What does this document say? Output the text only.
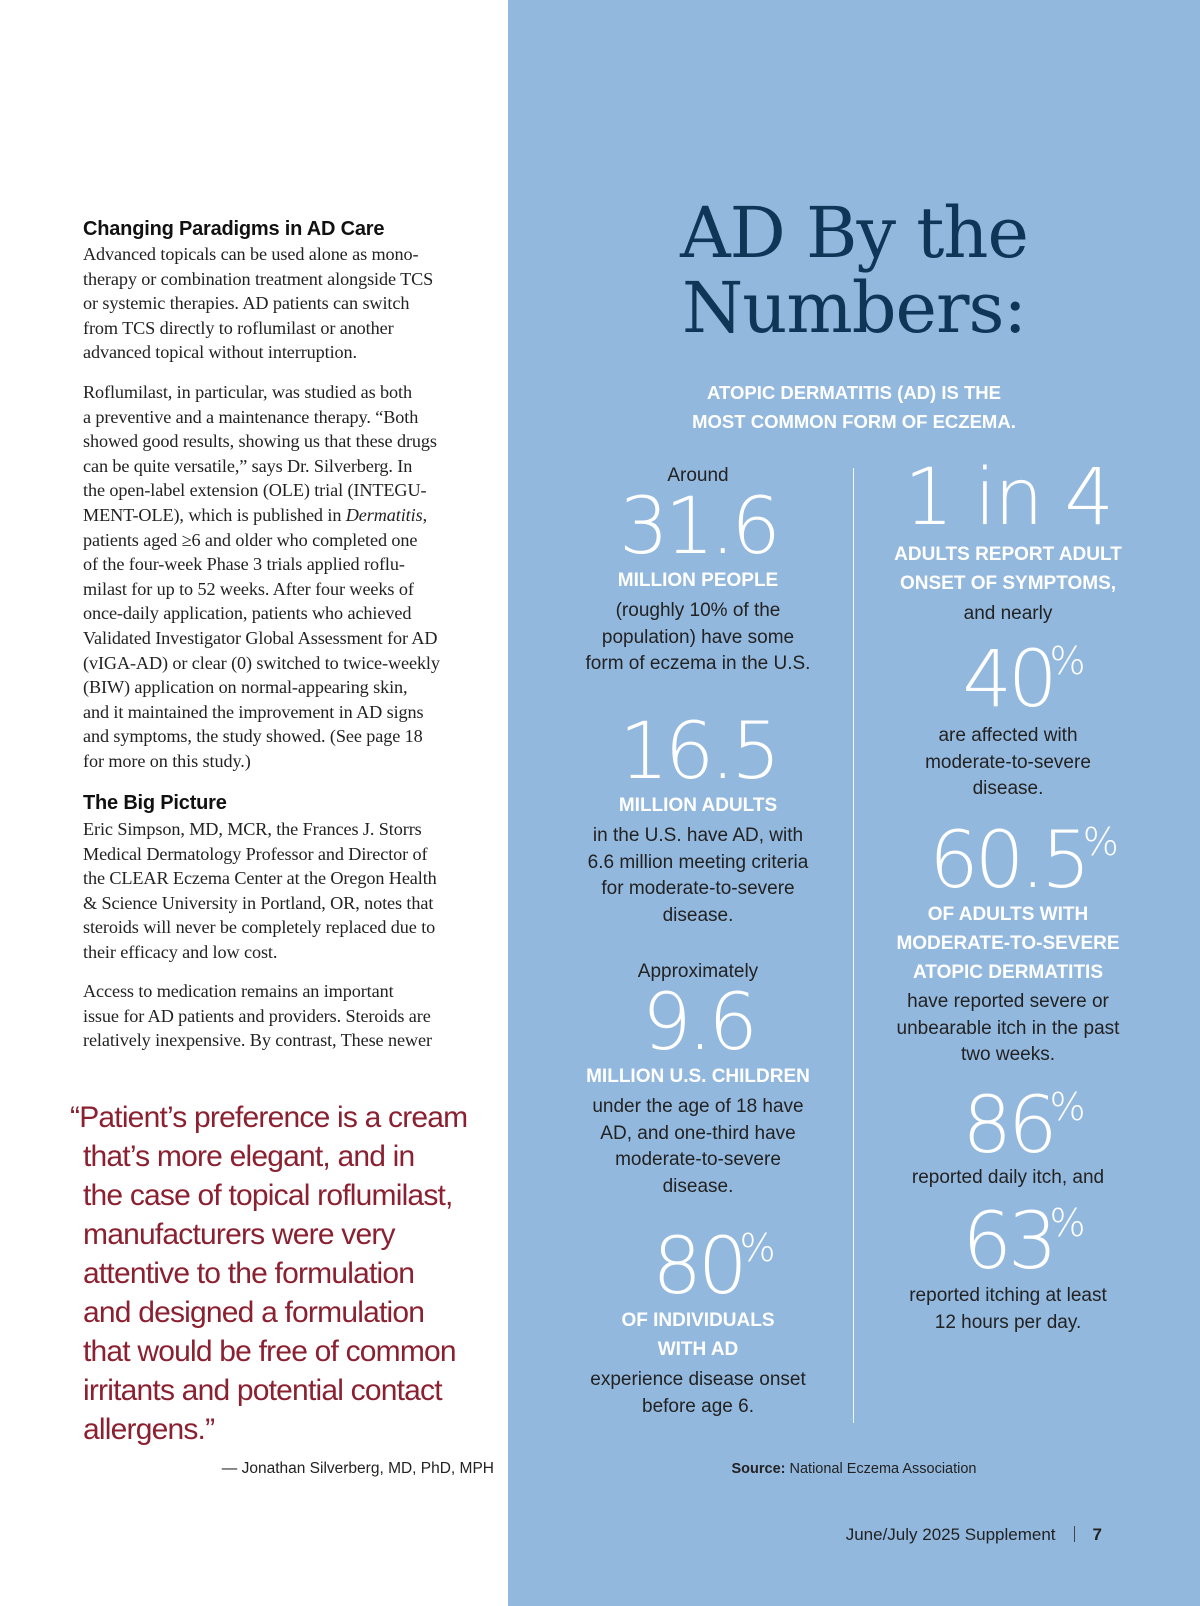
Changing Paradigms in AD Care

Advanced topicals can be used alone as mono-
therapy or combination treatment alongside TCS
or systemic therapies. AD patients can switch
from TCS directly to roflumilast or another
advanced topical without interruption.

Roflumilast, in particular, was studied as both
a preventive and a maintenance therapy. “Both
showed good results, showing us that these drugs
can be quite versatile,” says Dr. Silverberg. In
the open-label extension (OLE) trial (INTEGU-
MENT-OLE), which is published in Dermatitis,
patients aged ≥6 and older who completed one
of the four-week Phase 3 trials applied roflu-
milast for up to 52 weeks. After four weeks of
once-daily application, patients who achieved
Validated Investigator Global Assessment for AD
(vIGA-AD) or clear (0) switched to twice-weekly
(BIW) application on normal-appearing skin,
and it maintained the improvement in AD signs
and symptoms, the study showed. (See page 18
for more on this study.)

The Big Picture

Eric Simpson, MD, MCR, the Frances J. Storrs
Medical Dermatology Professor and Director of
the CLEAR Eczema Center at the Oregon Health
& Science University in Portland, OR, notes that
steroids will never be completely replaced due to
their efficacy and low cost.

Access to medication remains an important
issue for AD patients and providers. Steroids are
relatively inexpensive. By contrast, These newer

“Patient’s preference is a cream
that’s more elegant, and in
the case of topical roflumilast,
manufacturers were very
attentive to the formulation
and designed a formulation
that would be free of common
irritants and potential contact
allergens.”

— Jonathan Silverberg, MD, PhD, MPH
AD By the
Numbers:
ATOPIC DERMATITIS (AD) IS THE
MOST COMMON FORM OF ECZEMA.
Around
31.6
MILLION PEOPLE
(roughly 10% of the
population) have some
form of eczema in the U.S.
16.5
MILLION ADULTS
in the U.S. have AD, with
6.6 million meeting criteria
for moderate-to-severe
disease.
Approximately
9.6
MILLION U.S. CHILDREN
under the age of 18 have
AD, and one-third have
moderate-to-severe
disease.
80
%
OF INDIVIDUALS
WITH AD
experience disease onset
before age 6.
1 in 4
ADULTS REPORT ADULT
ONSET OF SYMPTOMS,
and nearly
40
%
are affected with
moderate-to-severe
disease.
60.5
%
OF ADULTS WITH
MODERATE-TO-SEVERE
ATOPIC DERMATITIS
have reported severe or
unbearable itch in the past
two weeks.
86
%
reported daily itch, and
63
%
reported itching at least
12 hours per day.
Source: National Eczema Association
June/July 2025 Supplement 7
